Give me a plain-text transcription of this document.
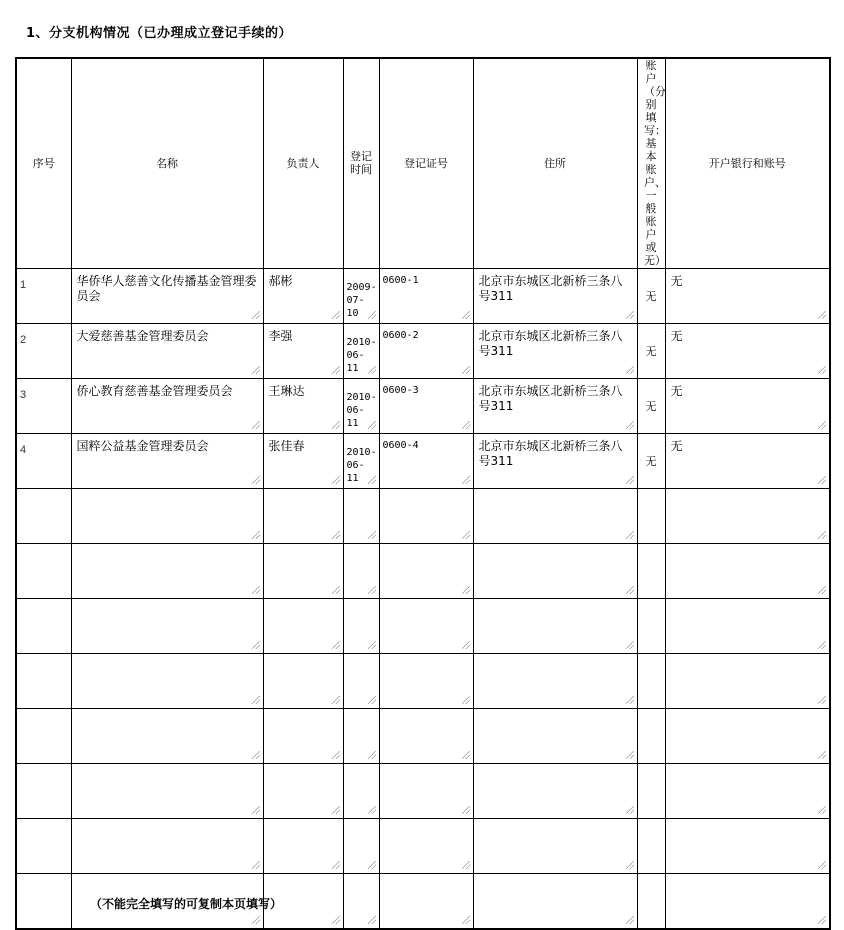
1、分支机构情况（已办理成立登记手续的）
序号	名称	负责人	登记时间	登记证号	住所	账户（分别填写：基本账户、一般账户或无）	开户银行和账号

1	华侨华人慈善文化传播基金管理委员会	郝彬	2009-07-10	0600-1	北京市东城区北新桥三条八号311	无	无

2	大爱慈善基金管理委员会	李强	2010-06-11	0600-2	北京市东城区北新桥三条八号311	无	无

3	侨心教育慈善基金管理委员会	王琳达	2010-06-11	0600-3	北京市东城区北新桥三条八号311	无	无

4	国粹公益基金管理委员会	张佳春	2010-06-11	0600-4	北京市东城区北新桥三条八号311	无	无

（不能完全填写的可复制本页填写）
